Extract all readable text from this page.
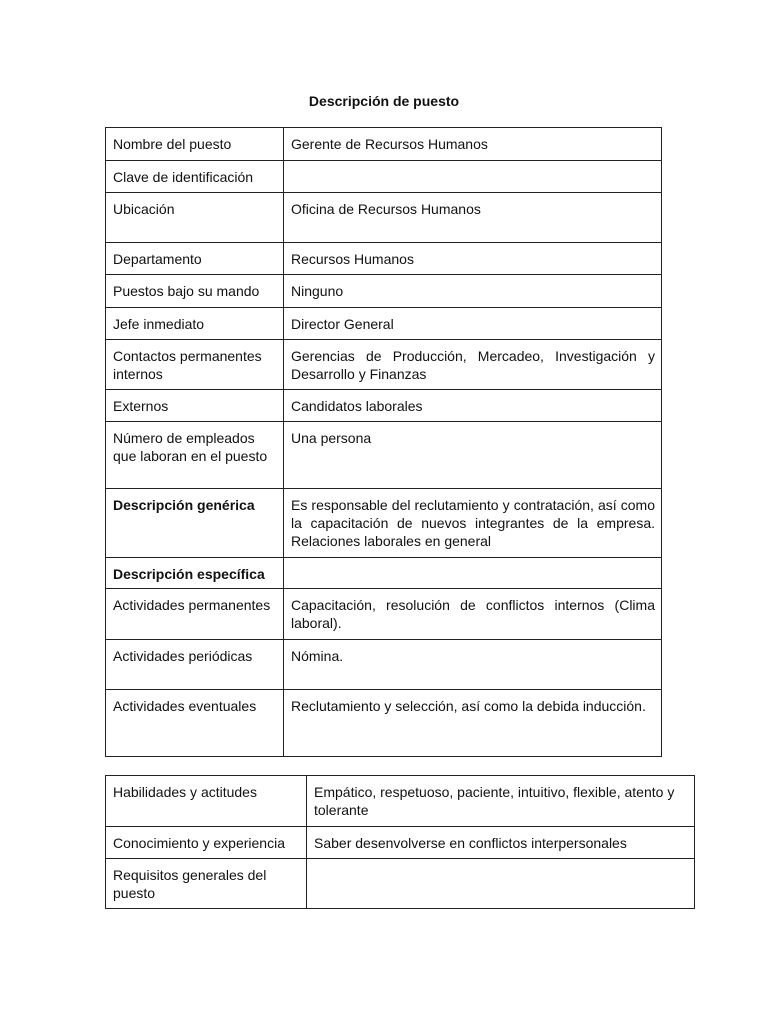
Descripción de puesto
Nombre del puesto	Gerente de Recursos Humanos
Clave de identificación	
Ubicación	Oficina de Recursos Humanos
Departamento	Recursos Humanos
Puestos bajo su mando	Ninguno
Jefe inmediato	Director General
Contactos permanentes internos	Gerencias de Producción, Mercadeo, Investigación y Desarrollo y Finanzas
Externos	Candidatos laborales
Número de empleados que laboran en el puesto	Una persona
Descripción genérica	Es responsable del reclutamiento y contratación, así como la capacitación de nuevos integrantes de la empresa. Relaciones laborales en general
Descripción específica	
Actividades permanentes	Capacitación, resolución de conflictos internos (Clima laboral).
Actividades periódicas	Nómina.
Actividades eventuales	Reclutamiento y selección, así como la debida inducción.
Habilidades y actitudes	Empático, respetuoso, paciente, intuitivo, flexible, atento y tolerante
Conocimiento y experiencia	Saber desenvolverse en conflictos interpersonales
Requisitos generales del puesto	
